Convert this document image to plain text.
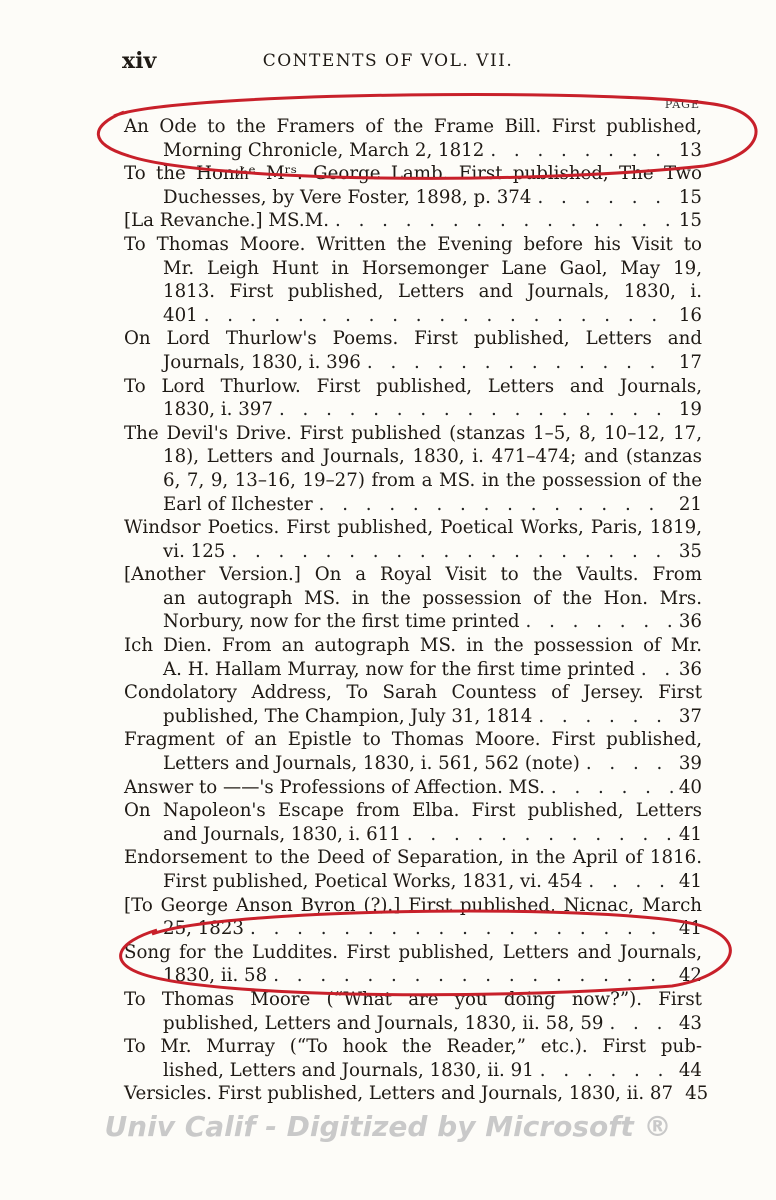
xiv	CONTENTS OF VOL. VII.
PAGE
An Ode to the Framers of the Frame Bill. First published,
Morning Chronicle, March 2, 1812 . . .	13
To the Honᵺᵉ Mʳˢ. George Lamb. First published, The Two
Duchesses, by Vere Foster, 1898, p. 374 . . .	15
[La Revanche.] MS.M. . . .	15
To Thomas Moore. Written the Evening before his Visit to
Mr. Leigh Hunt in Horsemonger Lane Gaol, May 19,
1813. First published, Letters and Journals, 1830, i.
401 . . .	16
On Lord Thurlow's Poems. First published, Letters and
Journals, 1830, i. 396 . . .	17
To Lord Thurlow. First published, Letters and Journals,
1830, i. 397 . . .	19
The Devil's Drive. First published (stanzas 1–5, 8, 10–12, 17,
18), Letters and Journals, 1830, i. 471–474; and (stanzas
6, 7, 9, 13–16, 19–27) from a MS. in the possession of the
Earl of Ilchester . . .	21
Windsor Poetics. First published, Poetical Works, Paris, 1819,
vi. 125 . . .	35
[Another Version.] On a Royal Visit to the Vaults. From
an autograph MS. in the possession of the Hon. Mrs.
Norbury, now for the first time printed . . .	36
Ich Dien. From an autograph MS. in the possession of Mr.
A. H. Hallam Murray, now for the first time printed . . . 36
Condolatory Address, To Sarah Countess of Jersey. First
published, The Champion, July 31, 1814 . . .	37
Fragment of an Epistle to Thomas Moore. First published,
Letters and Journals, 1830, i. 561, 562 (note) . . .	39
Answer to ——'s Professions of Affection. MS. . . .	40
On Napoleon's Escape from Elba. First published, Letters
and Journals, 1830, i. 611 . . .	41
Endorsement to the Deed of Separation, in the April of 1816.
First published, Poetical Works, 1831, vi. 454 . . .	41
[To George Anson Byron (?).] First published, Nicnac, March
25, 1823 . . .	41
Song for the Luddites. First published, Letters and Journals,
1830, ii. 58 . . .	42
To Thomas Moore (“What are you doing now?”). First
published, Letters and Journals, 1830, ii. 58, 59 . . .	43
To Mr. Murray (“To hook the Reader,” etc.). First pub-
lished, Letters and Journals, 1830, ii. 91 . . .	44
Versicles. First published, Letters and Journals, 1830, ii. 87 45
Univ Calif - Digitized by Microsoft ®
